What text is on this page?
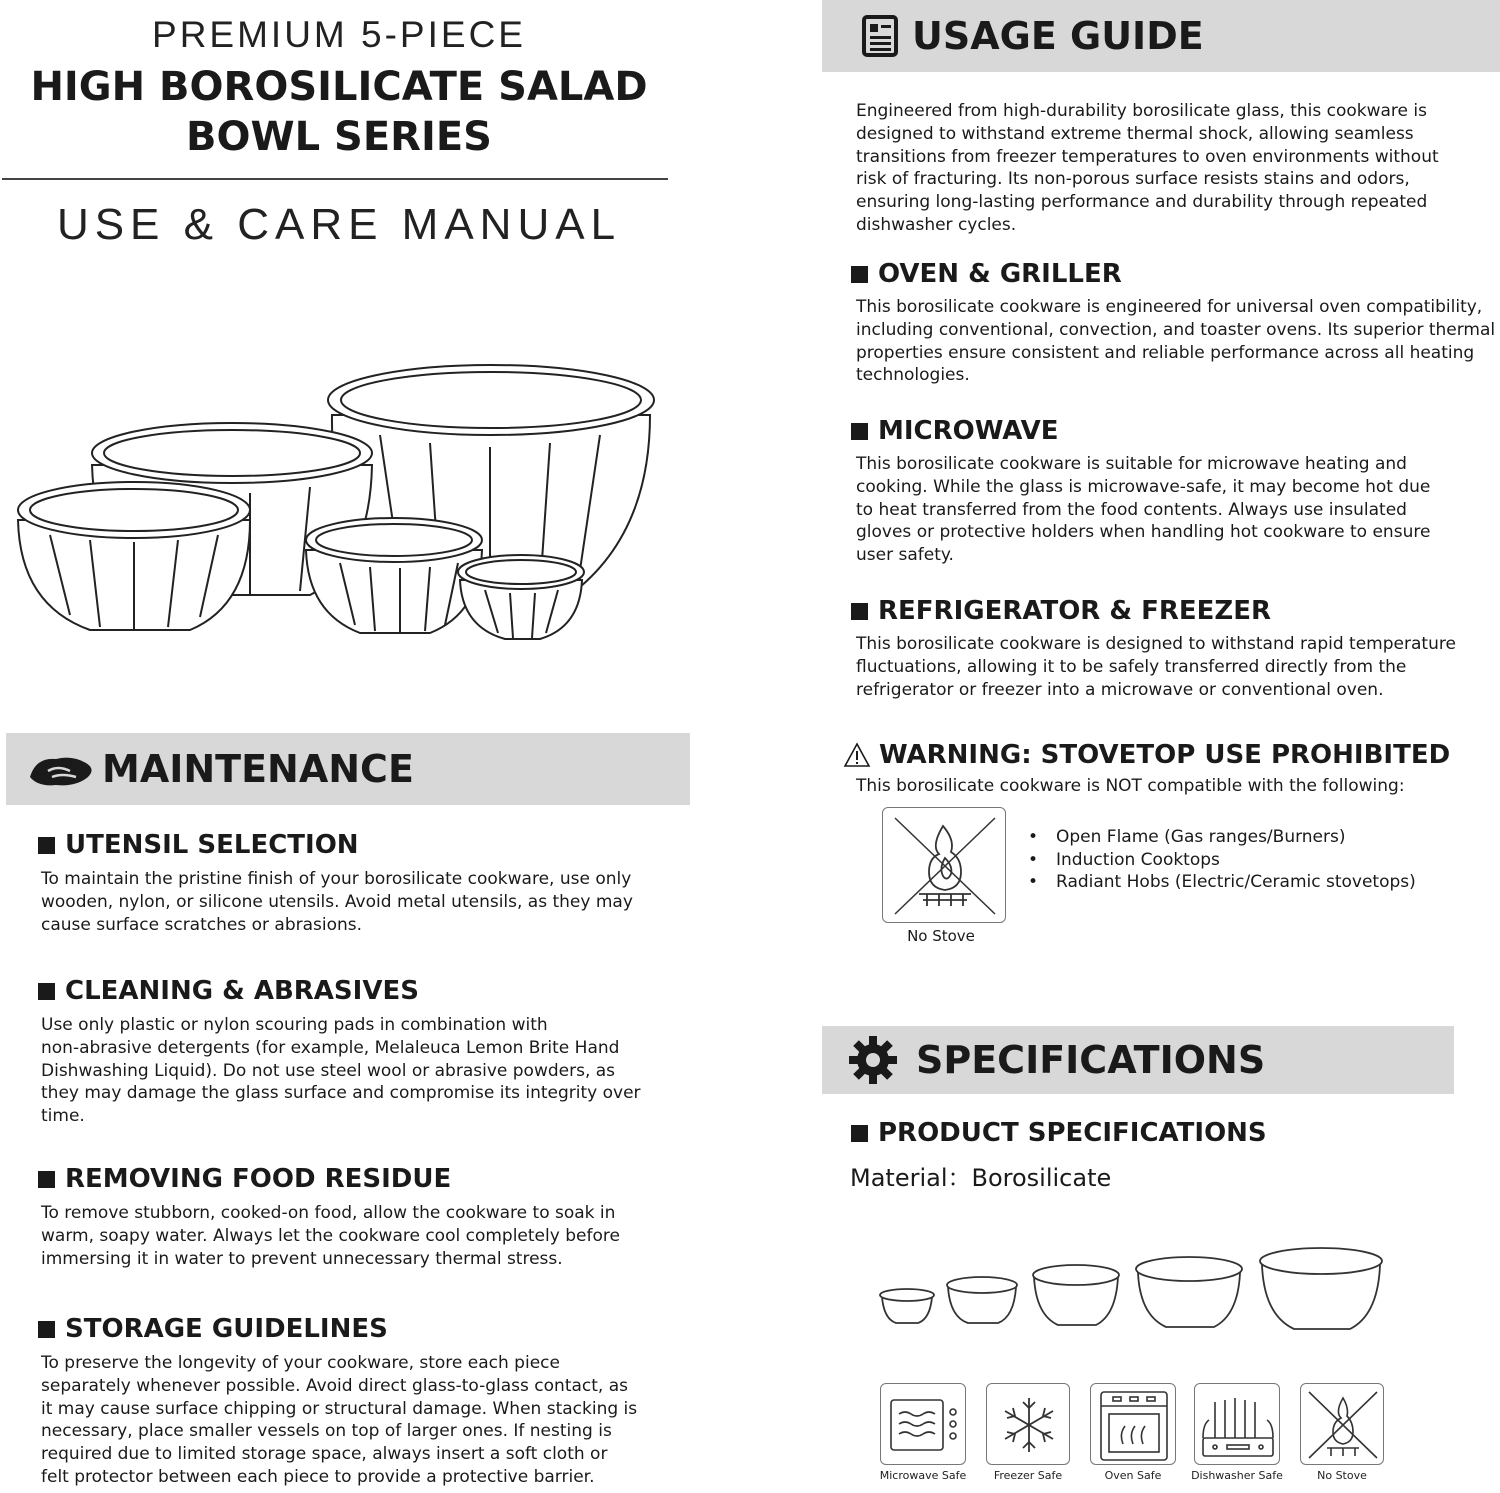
PREMIUM 5-PIECE
HIGH BOROSILICATE SALAD
BOWL SERIES
USE & CARE MANUAL
MAINTENANCE
UTENSIL SELECTION
To maintain the pristine finish of your borosilicate cookware, use only
wooden, nylon, or silicone utensils. Avoid metal utensils, as they may
cause surface scratches or abrasions.
CLEANING & ABRASIVES
Use only plastic or nylon scouring pads in combination with
non-abrasive detergents (for example, Melaleuca Lemon Brite Hand
Dishwashing Liquid). Do not use steel wool or abrasive powders, as
they may damage the glass surface and compromise its integrity over
time.
REMOVING FOOD RESIDUE
To remove stubborn, cooked-on food, allow the cookware to soak in
warm, soapy water. Always let the cookware cool completely before
immersing it in water to prevent unnecessary thermal stress.
STORAGE GUIDELINES
To preserve the longevity of your cookware, store each piece
separately whenever possible. Avoid direct glass-to-glass contact, as
it may cause surface chipping or structural damage. When stacking is
necessary, place smaller vessels on top of larger ones. If nesting is
required due to limited storage space, always insert a soft cloth or
felt protector between each piece to provide a protective barrier.
USAGE GUIDE
Engineered from high-durability borosilicate glass, this cookware is
designed to withstand extreme thermal shock, allowing seamless
transitions from freezer temperatures to oven environments without
risk of fracturing. Its non-porous surface resists stains and odors,
ensuring long-lasting performance and durability through repeated
dishwasher cycles.
OVEN & GRILLER
This borosilicate cookware is engineered for universal oven compatibility,
including conventional, convection, and toaster ovens. Its superior thermal
properties ensure consistent and reliable performance across all heating
technologies.
MICROWAVE
This borosilicate cookware is suitable for microwave heating and
cooking. While the glass is microwave-safe, it may become hot due
to heat transferred from the food contents. Always use insulated
gloves or protective holders when handling hot cookware to ensure
user safety.
REFRIGERATOR & FREEZER
This borosilicate cookware is designed to withstand rapid temperature
fluctuations, allowing it to be safely transferred directly from the
refrigerator or freezer into a microwave or conventional oven.
WARNING: STOVETOP USE PROHIBITED
This borosilicate cookware is NOT compatible with the following:
No Stove
• Open Flame (Gas ranges/Burners)
• Induction Cooktops
• Radiant Hobs (Electric/Ceramic stovetops)
SPECIFICATIONS
PRODUCT SPECIFICATIONS
Material：Borosilicate
Microwave Safe	Freezer Safe	Oven Safe	Dishwasher Safe	No Stove
